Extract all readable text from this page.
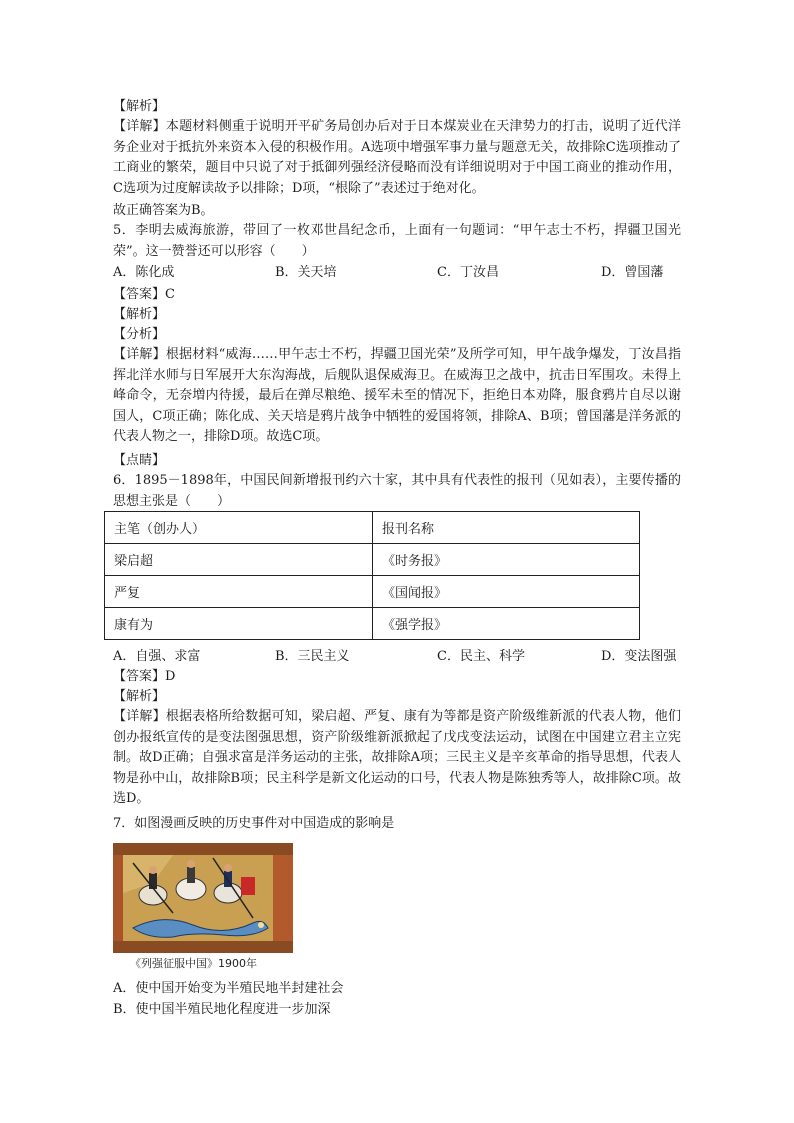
【解析】
【详解】本题材料侧重于说明开平矿务局创办后对于日本煤炭业在天津势力的打击，说明了近代洋务企业对于抵抗外来资本入侵的积极作用。A选项中增强军事力量与题意无关，故排除C选项推动了工商业的繁荣，题目中只说了对于抵御列强经济侵略而没有详细说明对于中国工商业的推动作用，C选项为过度解读故予以排除；D项，“根除了”表述过于绝对化。
故正确答案为B。
5．李明去威海旅游，带回了一枚邓世昌纪念币，上面有一句题词：“甲午志士不朽，捍疆卫国光荣”。这一赞誉还可以形容（　　）
A．陈化成	B．关天培	C．丁汝昌	D．曾国藩
【答案】C
【解析】
【分析】
【详解】根据材料“威海……甲午志士不朽，捍疆卫国光荣”及所学可知，甲午战争爆发，丁汝昌指挥北洋水师与日军展开大东沟海战，后舰队退保威海卫。在威海卫之战中，抗击日军围攻。未得上峰命令，无奈増内待援，最后在弹尽粮绝、援军未至的情况下，拒绝日本劝降，服食鸦片自尽以谢国人，C项正确；陈化成、关天培是鸦片战争中牺牲的爱国将领，排除A、B项；曾国藩是洋务派的代表人物之一，排除D项。故选C项。
【点睛】
6．1895－1898年，中国民间新增报刊约六十家，其中具有代表性的报刊（见如表），主要传播的思想主张是（　　）
主笔（创办人）	报刊名称
梁启超	《时务报》
严复	《国闻报》
康有为	《强学报》
A．自强、求富	B．三民主义	C．民主、科学	D．变法图强
【答案】D
【解析】
【详解】根据表格所给数据可知，梁启超、严复、康有为等都是资产阶级维新派的代表人物，他们创办报纸宣传的是变法图强思想，资产阶级维新派掀起了戊戌变法运动，试图在中国建立君主立宪制。故D正确；自强求富是洋务运动的主张，故排除A项；三民主义是辛亥革命的指导思想，代表人物是孙中山，故排除B项；民主科学是新文化运动的口号，代表人物是陈独秀等人，故排除C项。故选D。
7．如图漫画反映的历史事件对中国造成的影响是
《列强征服中国》1900年
A．使中国开始变为半殖民地半封建社会
B．使中国半殖民地化程度进一步加深
